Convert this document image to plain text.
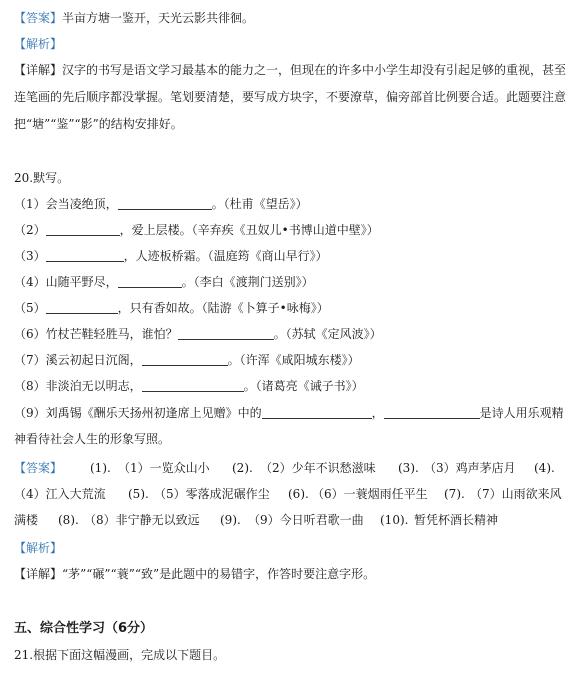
【答案】半亩方塘一鉴开，天光云影共徘徊。
【解析】
【详解】汉字的书写是语文学习最基本的能力之一，但现在的许多中小学生却没有引起足够的重视，甚至
连笔画的先后顺序都没掌握。笔划要清楚，要写成方块字，不要潦草，偏旁部首比例要合适。此题要注意
把“塘”“鉴”“影”的结构安排好。
20.默写。
（1）会当凌绝顶，	。（杜甫《望岳》）
（2）	，爱上层楼。（辛弃疾《丑奴儿•书博山道中壁》）
（3）	，人迹板桥霜。（温庭筠《商山早行》）
（4）山随平野尽，	。（李白《渡荆门送别》）
（5）	，只有香如故。（陆游《卜算子•咏梅》）
（6）竹杖芒鞋轻胜马，谁怕？	。（苏轼《定风波》）
（7）溪云初起日沉阁，	。（许浑《咸阳城东楼》）
（8）非淡泊无以明志，	。（诸葛亮《诫子书》）
（9）刘禹锡《酬乐天扬州初逢席上见赠》中的	，	是诗人用乐观精
神看待社会人生的形象写照。
【答案】 (1). （1）一览众山小 (2). （2）少年不识愁滋味 (3). （3）鸡声茅店月 (4).
（4）江入大荒流 (5). （5）零落成泥碾作尘 (6). （6）一蓑烟雨任平生 (7). （7）山雨欲来风
满楼 (8). （8）非宁静无以致远 (9). （9）今日听君歌一曲 (10). 暂凭杯酒长精神
【解析】
【详解】“茅”“碾”“蓑”“致”是此题中的易错字，作答时要注意字形。
五、综合性学习（6分）
21.根据下面这幅漫画，完成以下题目。
